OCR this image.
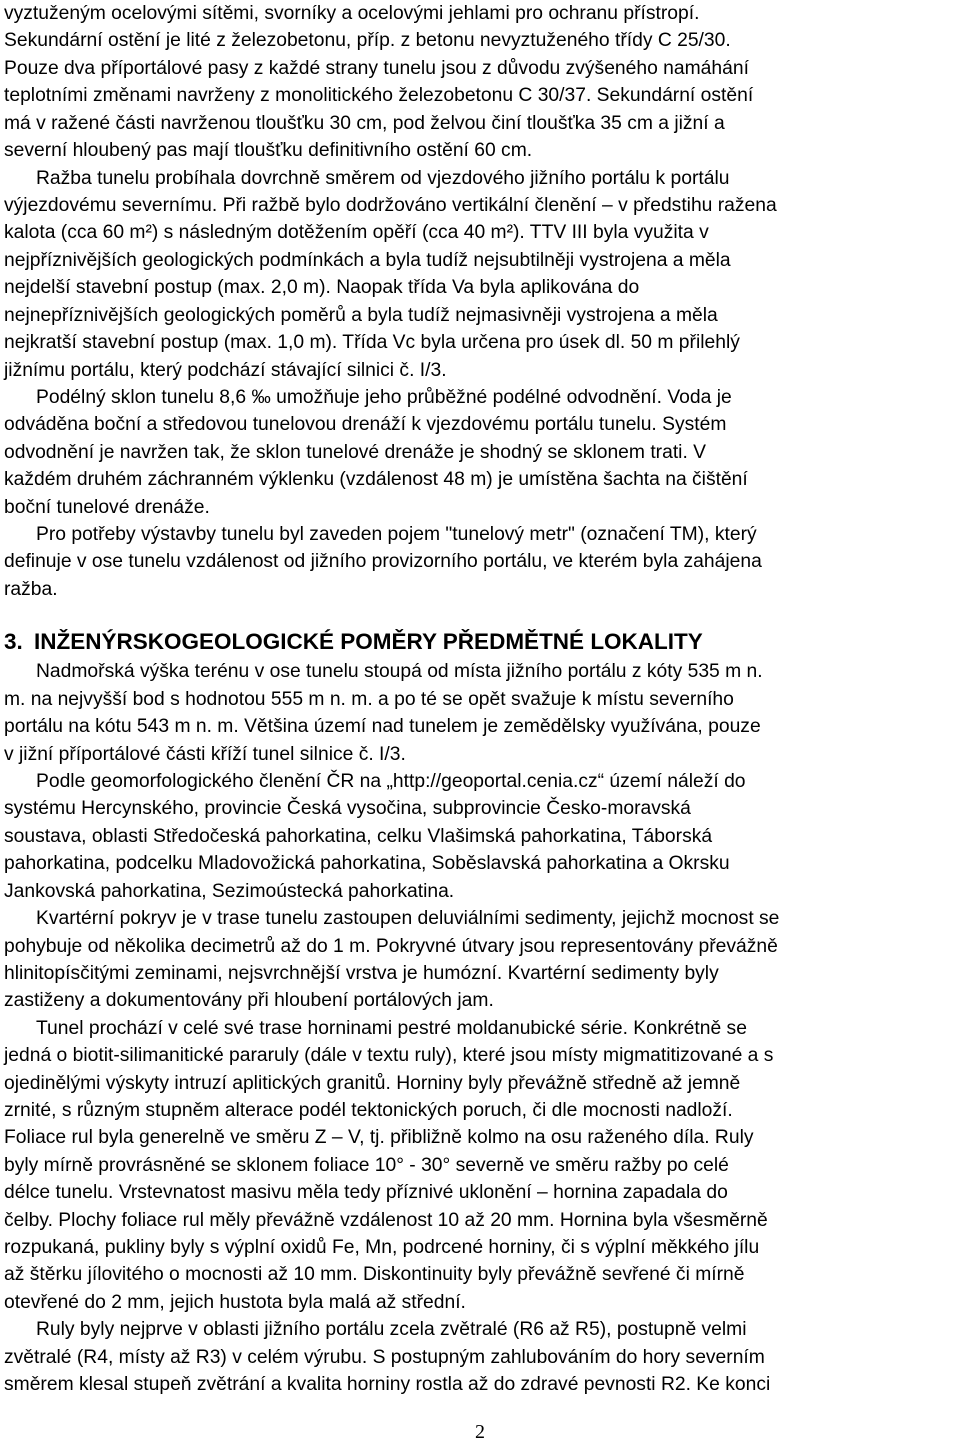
vyztuženým ocelovými sítěmi, svorníky a ocelovými jehlami pro ochranu přístropí.
Sekundární ostění je lité z železobetonu, příp. z betonu nevyztuženého třídy C 25/30.
Pouze dva příportálové pasy z každé strany tunelu jsou z důvodu zvýšeného namáhání
teplotními změnami navrženy z monolitického železobetonu C 30/37. Sekundární ostění
má v ražené části navrženou tloušťku 30 cm, pod želvou činí tloušťka 35 cm a jižní a
severní hloubený pas mají tloušťku definitivního ostění 60 cm.
Ražba tunelu probíhala dovrchně směrem od vjezdového jižního portálu k portálu
výjezdovému severnímu. Při ražbě bylo dodržováno vertikální členění – v předstihu ražena
kalota (cca 60 m²) s následným dotěžením opěří (cca 40 m²). TTV III byla využita v
nejpříznivějších geologických podmínkách a byla tudíž nejsubtilněji vystrojena a měla
nejdelší stavební postup (max. 2,0 m). Naopak třída Va byla aplikována do
nejnepříznivějších geologických poměrů a byla tudíž nejmasivněji vystrojena a měla
nejkratší stavební postup (max. 1,0 m). Třída Vc byla určena pro úsek dl. 50 m přilehlý
jižnímu portálu, který podchází stávající silnici č. I/3.
Podélný sklon tunelu 8,6 ‰ umožňuje jeho průběžné podélné odvodnění. Voda je
odváděna boční a středovou tunelovou drenáží k vjezdovému portálu tunelu. Systém
odvodnění je navržen tak, že sklon tunelové drenáže je shodný se sklonem trati. V
každém druhém záchranném výklenku (vzdálenost 48 m) je umístěna šachta na čištění
boční tunelové drenáže.
Pro potřeby výstavby tunelu byl zaveden pojem "tunelový metr" (označení TM), který
definuje v ose tunelu vzdálenost od jižního provizorního portálu, ve kterém byla zahájena
ražba.
3. INŽENÝRSKOGEOLOGICKÉ POMĚRY PŘEDMĚTNÉ LOKALITY
Nadmořská výška terénu v ose tunelu stoupá od místa jižního portálu z kóty 535 m n.
m. na nejvyšší bod s hodnotou 555 m n. m. a po té se opět svažuje k místu severního
portálu na kótu 543 m n. m. Většina území nad tunelem je zemědělsky využívána, pouze
v jižní příportálové části kříží tunel silnice č. I/3.
Podle geomorfologického členění ČR na „http://geoportal.cenia.cz“ území náleží do
systému Hercynského, provincie Česká vysočina, subprovincie Česko-moravská
soustava, oblasti Středočeská pahorkatina, celku Vlašimská pahorkatina, Táborská
pahorkatina, podcelku Mladovožická pahorkatina, Soběslavská pahorkatina a Okrsku
Jankovská pahorkatina, Sezimoústecká pahorkatina.
Kvartérní pokryv je v trase tunelu zastoupen deluviálními sedimenty, jejichž mocnost se
pohybuje od několika decimetrů až do 1 m. Pokryvné útvary jsou representovány převážně
hlinitopísčitými zeminami, nejsvrchnější vrstva je humózní. Kvartérní sedimenty byly
zastiženy a dokumentovány při hloubení portálových jam.
Tunel prochází v celé své trase horninami pestré moldanubické série. Konkrétně se
jedná o biotit-silimanitické pararuly (dále v textu ruly), které jsou místy migmatitizované a s
ojedinělými výskyty intruzí aplitických granitů. Horniny byly převážně středně až jemně
zrnité, s různým stupněm alterace podél tektonických poruch, či dle mocnosti nadloží.
Foliace rul byla generelně ve směru Z – V, tj. přibližně kolmo na osu raženého díla. Ruly
byly mírně provrásněné se sklonem foliace 10° - 30° severně ve směru ražby po celé
délce tunelu. Vrstevnatost masivu měla tedy příznivé uklonění – hornina zapadala do
čelby. Plochy foliace rul měly převážně vzdálenost 10 až 20 mm. Hornina byla všesměrně
rozpukaná, pukliny byly s výplní oxidů Fe, Mn, podrcené horniny, či s výplní měkkého jílu
až štěrku jílovitého o mocnosti až 10 mm. Diskontinuity byly převážně sevřené či mírně
otevřené do 2 mm, jejich hustota byla malá až střední.
Ruly byly nejprve v oblasti jižního portálu zcela zvětralé (R6 až R5), postupně velmi
zvětralé (R4, místy až R3) v celém výrubu. S postupným zahlubováním do hory severním
směrem klesal stupeň zvětrání a kvalita horniny rostla až do zdravé pevnosti R2. Ke konci
2
